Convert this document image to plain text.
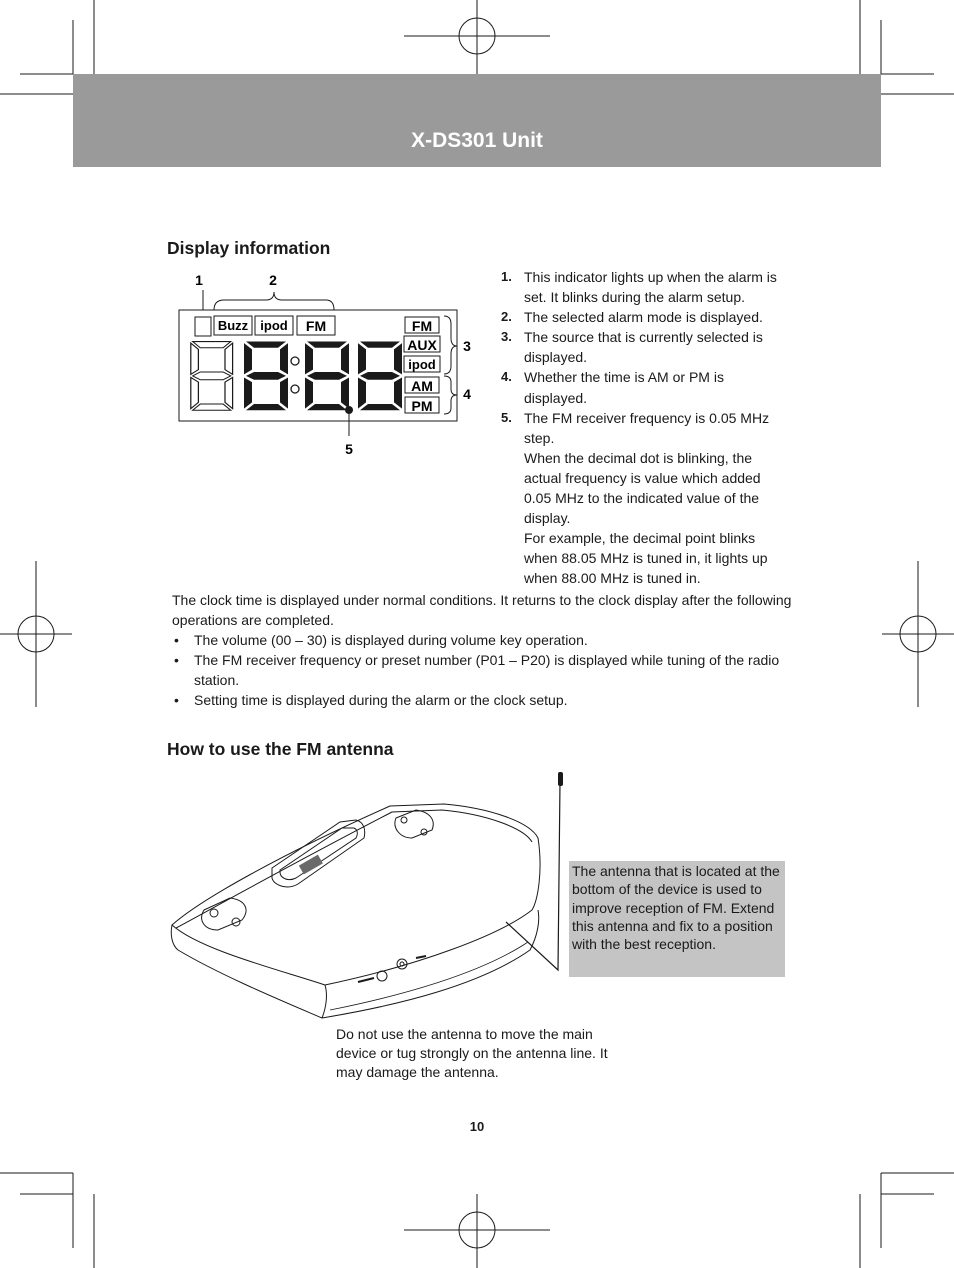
X-DS301 Unit
Display information
1	2
Buzz ipod FM
5
FM
AUX
ipod
AM
PM
3
4
1. This indicator lights up when the alarm is set. It blinks during the alarm setup.
2. The selected alarm mode is displayed.
3. The source that is currently selected is displayed.
4. Whether the time is AM or PM is displayed.
5. The FM receiver frequency is 0.05 MHz step.
When the decimal dot is blinking, the actual frequency is value which added 0.05 MHz to the indicated value of the display.
For example, the decimal point blinks when 88.05 MHz is tuned in, it lights up when 88.00 MHz is tuned in.
The clock time is displayed under normal conditions. It returns to the clock display after the following operations are completed.
• The volume (00 – 30) is displayed during volume key operation.
• The FM receiver frequency or preset number (P01 – P20) is displayed while tuning of the radio station.
• Setting time is displayed during the alarm or the clock setup.
How to use the FM antenna
The antenna that is located at the bottom of the device is used to improve reception of FM. Extend this antenna and fix to a position with the best reception.
Do not use the antenna to move the main device or tug strongly on the antenna line. It may damage the antenna.
10
